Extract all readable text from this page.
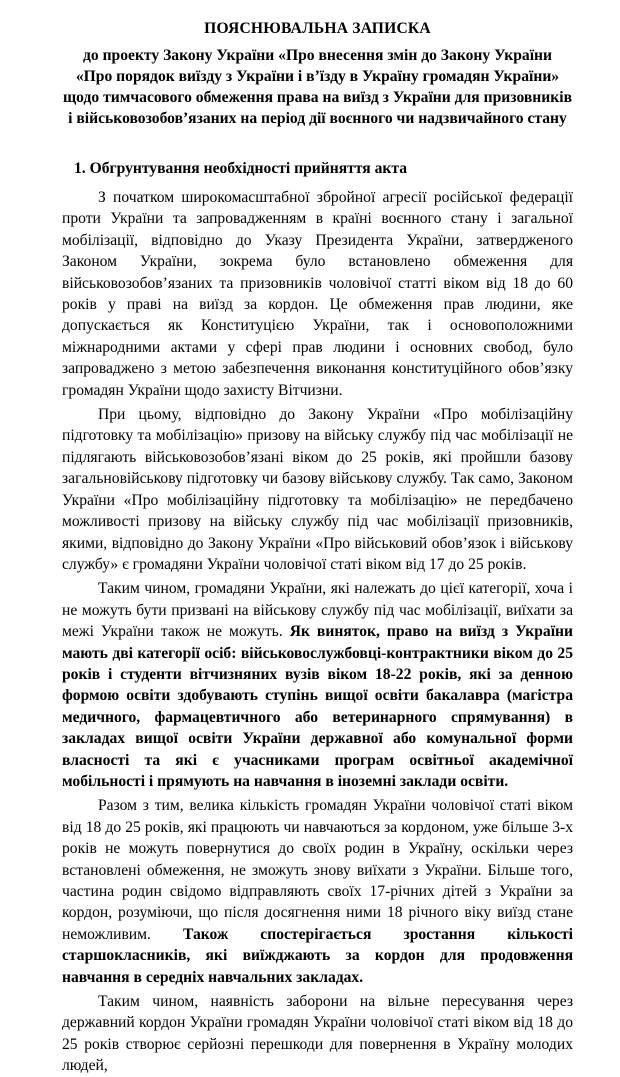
ПОЯСНЮВАЛЬНА ЗАПИСКА
до проекту Закону України «Про внесення змін до Закону України
«Про порядок виїзду з України і в’їзду в Україну громадян України»
щодо тимчасового обмеження права на виїзд з України для призовників
і військовозобов’язаних на період дії воєнного чи надзвичайного стану
1. Обгрунтування необхідності прийняття акта

З початком широкомасштабної збройної агресії російської федерації проти України та запровадженням в країні воєнного стану і загальної мобілізації, відповідно до Указу Президента України, затвердженого Законом України, зокрема було встановлено обмеження для військовозобов’язаних та призовників чоловічої статті віком від 18 до 60 років у праві на виїзд за кордон. Це обмеження прав людини, яке допускається як Конституцією України, так і основоположними міжнародними актами у сфері прав людини і основних свобод, було запроваджено з метою забезпечення виконання конституційного обов’язку громадян України щодо захисту Вітчизни.

При цьому, відповідно до Закону України «Про мобілізаційну підготовку та мобілізацію» призову на війську службу під час мобілізації не підлягають військовозобов’язані віком до 25 років, які пройшли базову загальновійськову підготовку чи базову військову службу. Так само, Законом України «Про мобілізаційну підготовку та мобілізацію» не передбачено можливості призову на війську службу під час мобілізації призовників, якими, відповідно до Закону України «Про військовий обов’язок і військову службу» є громадяни України чоловічої статі віком від 17 до 25 років.

Таким чином, громадяни України, які належать до цієї категорії, хоча і не можуть бути призвані на військову службу під час мобілізації, виїхати за межі України також не можуть. Як виняток, право на виїзд з України мають дві категорії осіб: військовослужбовці-контрактники віком до 25 років і студенти вітчизняних вузів віком 18-22 років, які за денною формою освіти здобувають ступінь вищої освіти бакалавра (магістра медичного, фармацевтичного або ветеринарного спрямування) в закладах вищої освіти України державної або комунальної форми власності та які є учасниками програм освітньої академічної мобільності і прямують на навчання в іноземні заклади освіти.

Разом з тим, велика кількість громадян України чоловічої статі віком від 18 до 25 років, які працюють чи навчаються за кордоном, уже більше 3-х років не можуть повернутися до своїх родин в Україну, оскільки через встановлені обмеження, не зможуть знову виїхати з України. Більше того, частина родин свідомо відправляють своїх 17-річних дітей з України за кордон, розуміючи, що після досягнення ними 18 річного віку виїзд стане неможливим. Також спостерігається зростання кількості старшокласників, які виїжджають за кордон для продовження навчання в середніх навчальних закладах.

Таким чином, наявність заборони на вільне пересування через державний кордон України громадян України чоловічої статі віком від 18 до 25 років створює серйозні перешкоди для повернення в Україну молодих людей,
